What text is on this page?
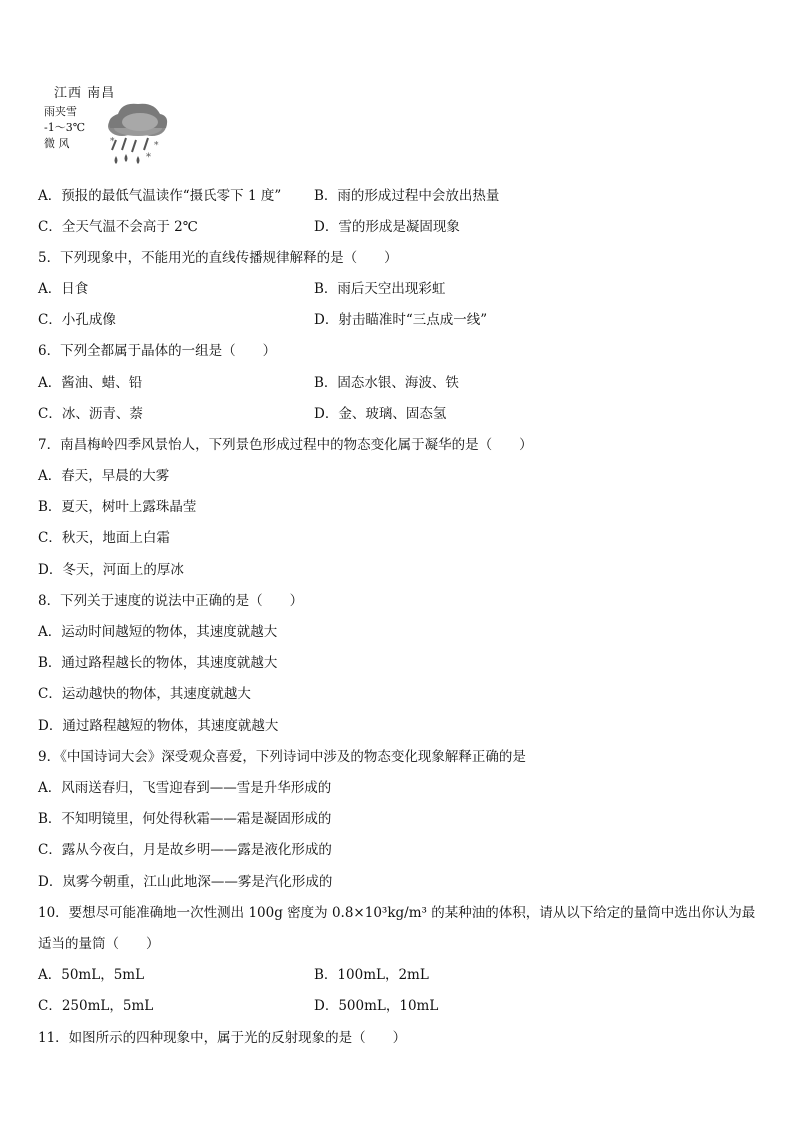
江西 南昌
雨夹雪
-1～3℃
微 风
*
*	*
A．预报的最低气温读作“摄氏零下 1 度” B．雨的形成过程中会放出热量
C．全天气温不会高于 2℃	D．雪的形成是凝固现象
5．下列现象中，不能用光的直线传播规律解释的是（　　）
A．日食	B．雨后天空出现彩虹
C．小孔成像	D．射击瞄准时“三点成一线”
6．下列全都属于晶体的一组是（　　）
A．酱油、蜡、铅	B．固态水银、海波、铁
C．冰、沥青、萘	D．金、玻璃、固态氢
7．南昌梅岭四季风景怡人，下列景色形成过程中的物态变化属于凝华的是（　　）
A．春天，早晨的大雾
B．夏天，树叶上露珠晶莹
C．秋天，地面上白霜
D．冬天，河面上的厚冰
8．下列关于速度的说法中正确的是（　　）
A．运动时间越短的物体，其速度就越大
B．通过路程越长的物体，其速度就越大
C．运动越快的物体，其速度就越大
D．通过路程越短的物体，其速度就越大
9．《中国诗词大会》深受观众喜爱，下列诗词中涉及的物态变化现象解释正确的是
A．风雨送春归，飞雪迎春到——雪是升华形成的
B．不知明镜里，何处得秋霜——霜是凝固形成的
C．露从今夜白，月是故乡明——露是液化形成的
D．岚雾今朝重，江山此地深——雾是汽化形成的
10．要想尽可能准确地一次性测出 100g 密度为 0.8×10³kg/m³ 的某种油的体积，请从以下给定的量筒中选出你认为最适当的量筒（　　）
A．50mL，5mL	B．100mL，2mL
C．250mL，5mL	D．500mL，10mL
11．如图所示的四种现象中，属于光的反射现象的是（　　）
